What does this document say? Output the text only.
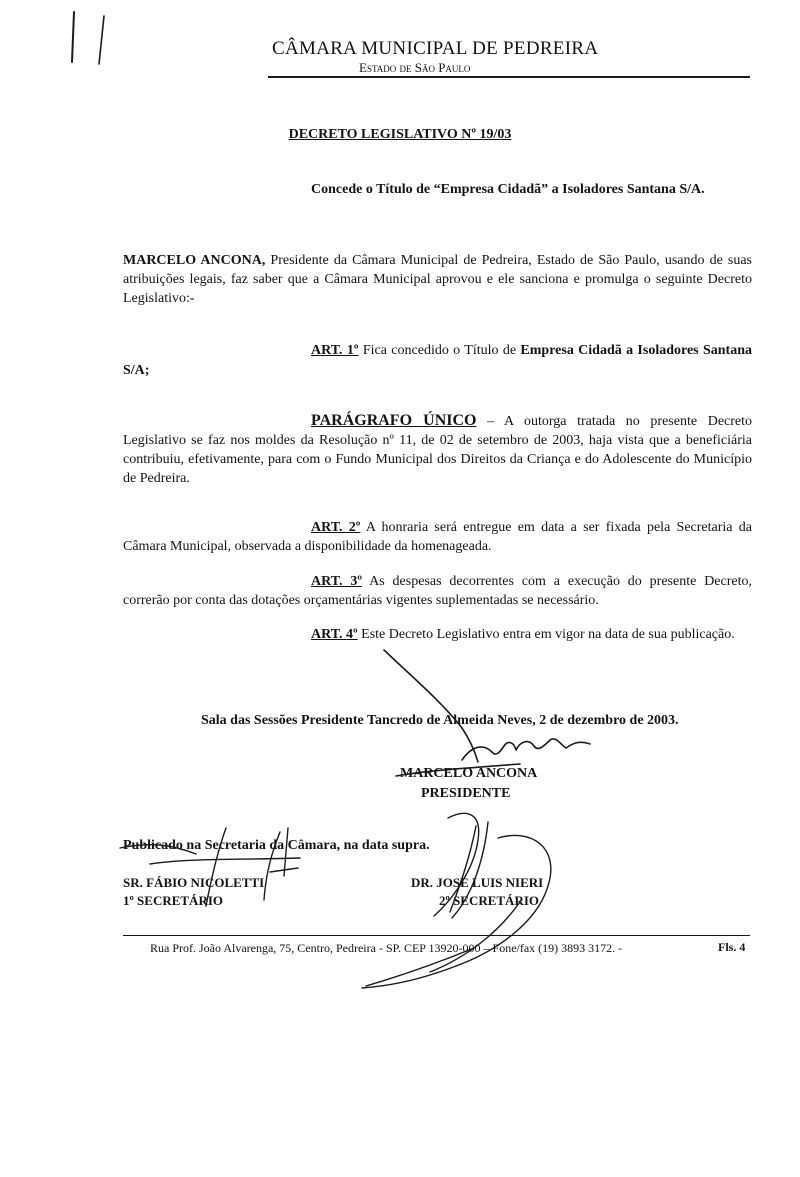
CÂMARA MUNICIPAL DE PEDREIRA
Estado de São Paulo
DECRETO LEGISLATIVO Nº 19/03
Concede o Título de “Empresa Cidadã” a Isoladores Santana S/A.
MARCELO ANCONA, Presidente da Câmara Municipal de Pedreira, Estado de São Paulo, usando de suas atribuições legais, faz saber que a Câmara Municipal aprovou e ele sanciona e promulga o seguinte Decreto Legislativo:-
ART. 1º Fica concedido o Título de Empresa Cidadã a Isoladores Santana S/A;
PARÁGRAFO ÚNICO – A outorga tratada no presente Decreto Legislativo se faz nos moldes da Resolução nº 11, de 02 de setembro de 2003, haja vista que a beneficiária contribuiu, efetivamente, para com o Fundo Municipal dos Direitos da Criança e do Adolescente do Município de Pedreira.
ART. 2º A honraria será entregue em data a ser fixada pela Secretaria da Câmara Municipal, observada a disponibilidade da homenageada.
ART. 3º As despesas decorrentes com a execução do presente Decreto, correrão por conta das dotações orçamentárias vigentes suplementadas se necessário.
ART. 4º Este Decreto Legislativo entra em vigor na data de sua publicação.
Sala das Sessões Presidente Tancredo de Almeida Neves, 2 de dezembro de 2003.
MARCELO ANCONA
PRESIDENTE
Publicado na Secretaria da Câmara, na data supra.
SR. FÁBIO NICOLETTI
1º SECRETÁRIO
DR. JOSÉ LUIS NIERI
2º SECRETÁRIO
Rua Prof. João Alvarenga, 75, Centro, Pedreira - SP. CEP 13920-000 – Fone/fax (19) 3893 3172. -	Fls. 4
